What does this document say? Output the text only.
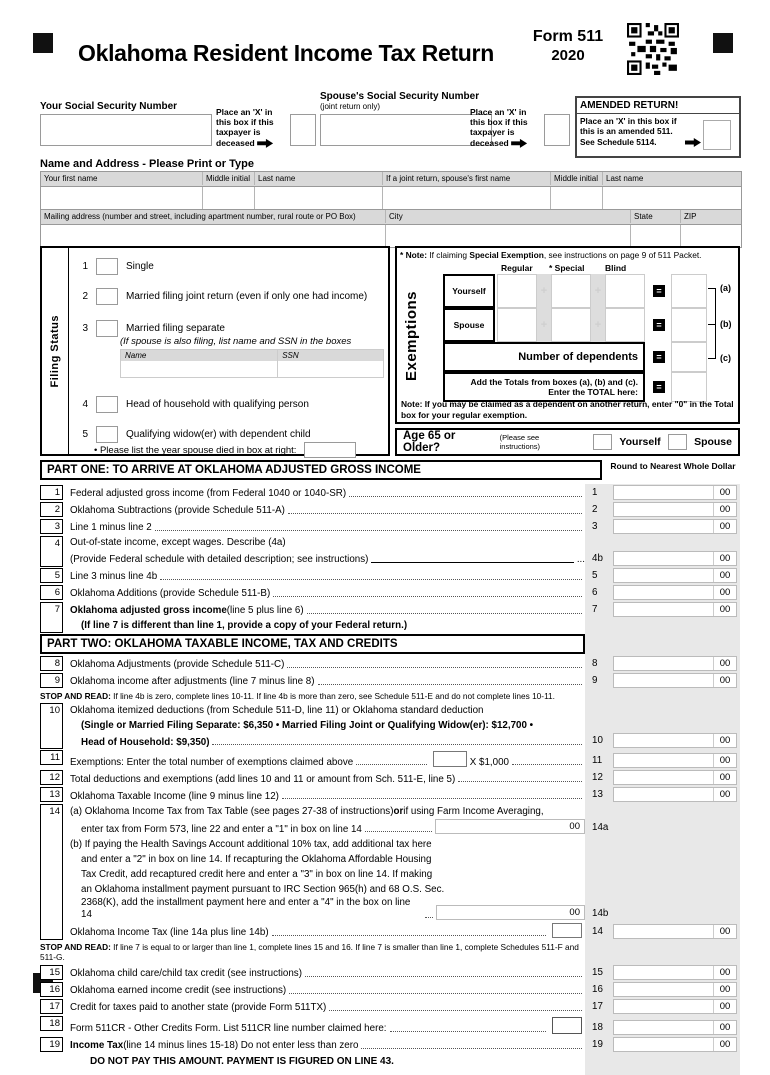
Oklahoma Resident Income Tax Return
Form 511
2020
Your Social Security Number	Place an 'X' in this box if this taxpayer is deceased
Spouse's Social Security Number
(joint return only)
Place an 'X' in this box if this taxpayer is deceased
AMENDED RETURN!
Place an 'X' in this box if this is an amended 511. See Schedule 5114.
Name and Address - Please Print or Type
Your first name	Middle initial Last name	If a joint return, spouse's first name	Middle initial Last name
Mailing address (number and street, including apartment number, rural route or PO Box)	City	State	ZIP
Filing Status
1	Single
2	Married filing joint return (even if only one had income)
3	Married filing separate
(If spouse is also filing, list name and SSN in the boxes
Name	SSN
4	Head of household with qualifying person
5	Qualifying widow(er) with dependent child
• Please list the year spouse died in box at right:
* Note: If claiming Special Exemption, see instructions on page 9 of 511 Packet.
Exemptions
Regular * Special Blind
Yourself	+	+	=
Spouse	+	+	=
Number of dependents	=
Add the Totals from boxes (a), (b) and (c).
Enter the TOTAL here:	=
(a)
(b)
(c)
Note: If you may be claimed as a dependent on another return, enter "0" in the Total box for your regular exemption.
Age 65 or Older?
(Please see instructions)	Yourself	Spouse
PART ONE: TO ARRIVE AT OKLAHOMA ADJUSTED GROSS INCOME	Round to Nearest Whole Dollar
1	Federal adjusted gross income (from Federal 1040 or 1040-SR)	1	00
2	Oklahoma Subtractions (provide Schedule 511-A)	2	00
3	Line 1 minus line 2	3	00
4	Out-of-state income, except wages. Describe (4a)
(Provide Federal schedule with detailed description; see instructions)	... 4b	00
5	Line 3 minus line 4b	5	00
6	Oklahoma Additions (provide Schedule 511-B)	6	00
7	Oklahoma adjusted gross income (line 5 plus line 6)	7	00
(If line 7 is different than line 1, provide a copy of your Federal return.)
PART TWO: OKLAHOMA TAXABLE INCOME, TAX AND CREDITS
8	Oklahoma Adjustments (provide Schedule 511-C)	8	00
9	Oklahoma income after adjustments (line 7 minus line 8)	9	00
STOP AND READ: If line 4b is zero, complete lines 10-11. If line 4b is more than zero, see Schedule 511-E and do not complete lines 10-11.
10	Oklahoma itemized deductions (from Schedule 511-D, line 11) or Oklahoma standard deduction
(Single or Married Filing Separate: $6,350 • Married Filing Joint or Qualifying Widow(er): $12,700 •
Head of Household: $9,350)	10	00
11	Exemptions: Enter the total number of exemptions claimed above	X $1,000	11	00
12	Total deductions and exemptions (add lines 10 and 11 or amount from Sch. 511-E, line 5)	12	00
13	Oklahoma Taxable Income (line 9 minus line 12)	13	00
14	(a) Oklahoma Income Tax from Tax Table (see pages 27-38 of instructions) or if using Farm Income Averaging,
enter tax from Form 573, line 22 and enter a "1" in box on line 14	00	14a
(b) If paying the Health Savings Account additional 10% tax, add additional tax here
and enter a "2" in box on line 14. If recapturing the Oklahoma Affordable Housing
Tax Credit, add recaptured credit here and enter a "3" in box on line 14. If making
an Oklahoma installment payment pursuant to IRC Section 965(h) and 68 O.S. Sec.
2368(K), add the installment payment here and enter a "4" in the box on line 14	00	14b
Oklahoma Income Tax (line 14a plus line 14b)	14	00
STOP AND READ: If line 7 is equal to or larger than line 1, complete lines 15 and 16. If line 7 is smaller than line 1, complete Schedules 511-F and 511-G.
15	Oklahoma child care/child tax credit (see instructions)	15	00
16	Oklahoma earned income credit (see instructions)	16	00
17	Credit for taxes paid to another state (provide Form 511TX)	17	00
18	Form 511CR - Other Credits Form. List 511CR line number claimed here:	18	00
19	Income Tax (line 14 minus lines 15-18) Do not enter less than zero	19	00
DO NOT PAY THIS AMOUNT. PAYMENT IS FIGURED ON LINE 43.
